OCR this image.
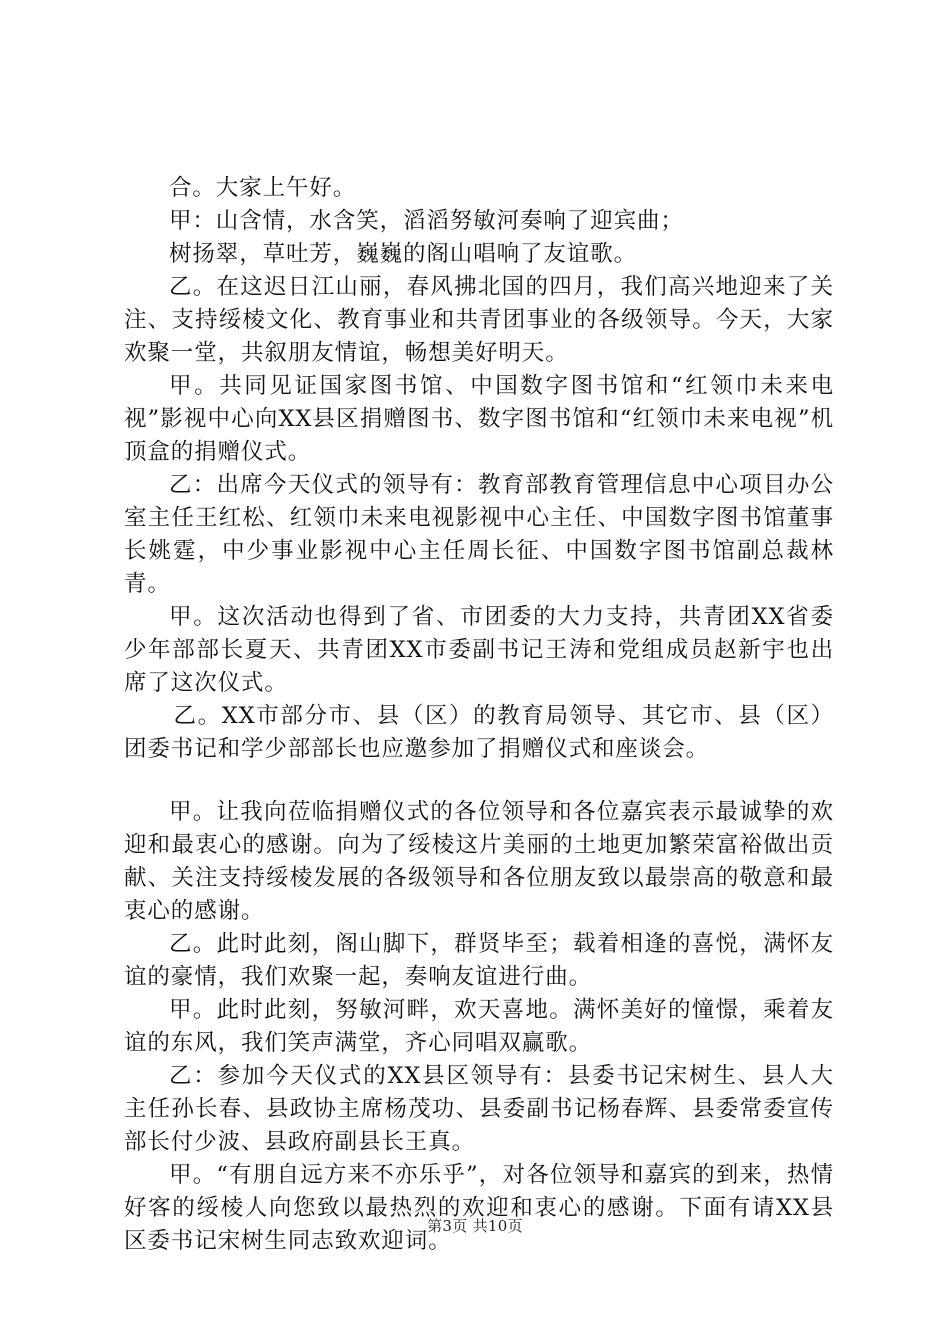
合。大家上午好。

甲：山含情，水含笑，滔滔努敏河奏响了迎宾曲；

树扬翠，草吐芳，巍巍的阁山唱响了友谊歌。

乙。在这迟日江山丽，春风拂北国的四月，我们高兴地迎来了关注、支持绥棱文化、教育事业和共青团事业的各级领导。今天，大家欢聚一堂，共叙朋友情谊，畅想美好明天。

甲。共同见证国家图书馆、中国数字图书馆和“红领巾未来电视”影视中心向XX县区捐赠图书、数字图书馆和“红领巾未来电视”机顶盒的捐赠仪式。

乙：出席今天仪式的领导有：教育部教育管理信息中心项目办公室主任王红松、红领巾未来电视影视中心主任、中国数字图书馆董事长姚霆，中少事业影视中心主任周长征、中国数字图书馆副总裁林青。

甲。这次活动也得到了省、市团委的大力支持，共青团XX省委少年部部长夏天、共青团XX市委副书记王涛和党组成员赵新宇也出席了这次仪式。

乙。XX市部分市、县（区）的教育局领导、其它市、县（区）团委书记和学少部部长也应邀参加了捐赠仪式和座谈会。

甲。让我向莅临捐赠仪式的各位领导和各位嘉宾表示最诚挚的欢迎和最衷心的感谢。向为了绥棱这片美丽的土地更加繁荣富裕做出贡献、关注支持绥棱发展的各级领导和各位朋友致以最崇高的敬意和最衷心的感谢。

乙。此时此刻，阁山脚下，群贤毕至；载着相逢的喜悦，满怀友谊的豪情，我们欢聚一起，奏响友谊进行曲。

甲。此时此刻，努敏河畔，欢天喜地。满怀美好的憧憬，乘着友谊的东风，我们笑声满堂，齐心同唱双赢歌。

乙：参加今天仪式的XX县区领导有：县委书记宋树生、县人大主任孙长春、县政协主席杨茂功、县委副书记杨春辉、县委常委宣传部长付少波、县政府副县长王真。

甲。“有朋自远方来不亦乐乎”，对各位领导和嘉宾的到来，热情好客的绥棱人向您致以最热烈的欢迎和衷心的感谢。下面有请XX县区委书记宋树生同志致欢迎词。

第3页 共10页
